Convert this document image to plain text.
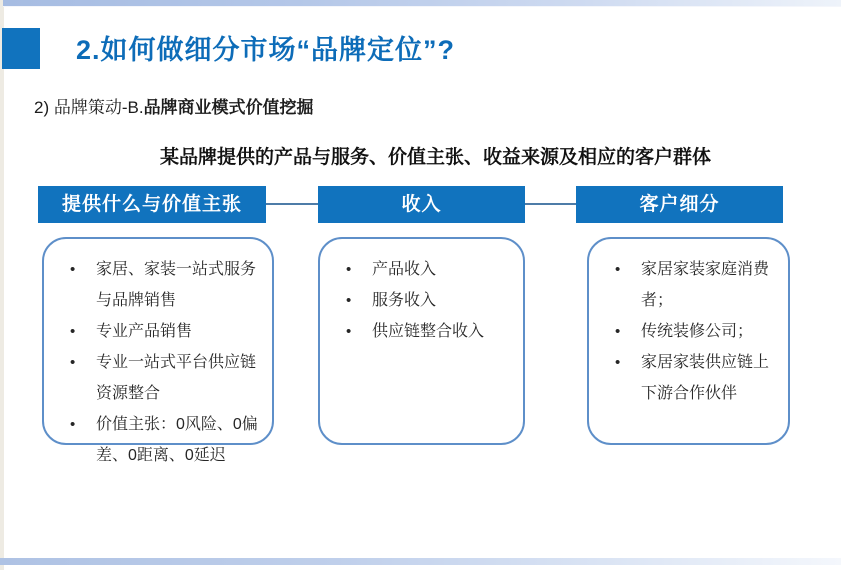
2.如何做细分市场“品牌定位”?
2) 品牌策动-B.品牌商业模式价值挖掘
某品牌提供的产品与服务、价值主张、收益来源及相应的客户群体
提供什么与价值主张	收入	客户细分
• 家居、家装一站式服务与品牌销售
• 专业产品销售
• 专业一站式平台供应链资源整合
• 价值主张：0风险、0偏差、0距离、0延迟
• 产品收入
• 服务收入
• 供应链整合收入
• 家居家装家庭消费者；
• 传统装修公司；
• 家居家装供应链上下游合作伙伴
